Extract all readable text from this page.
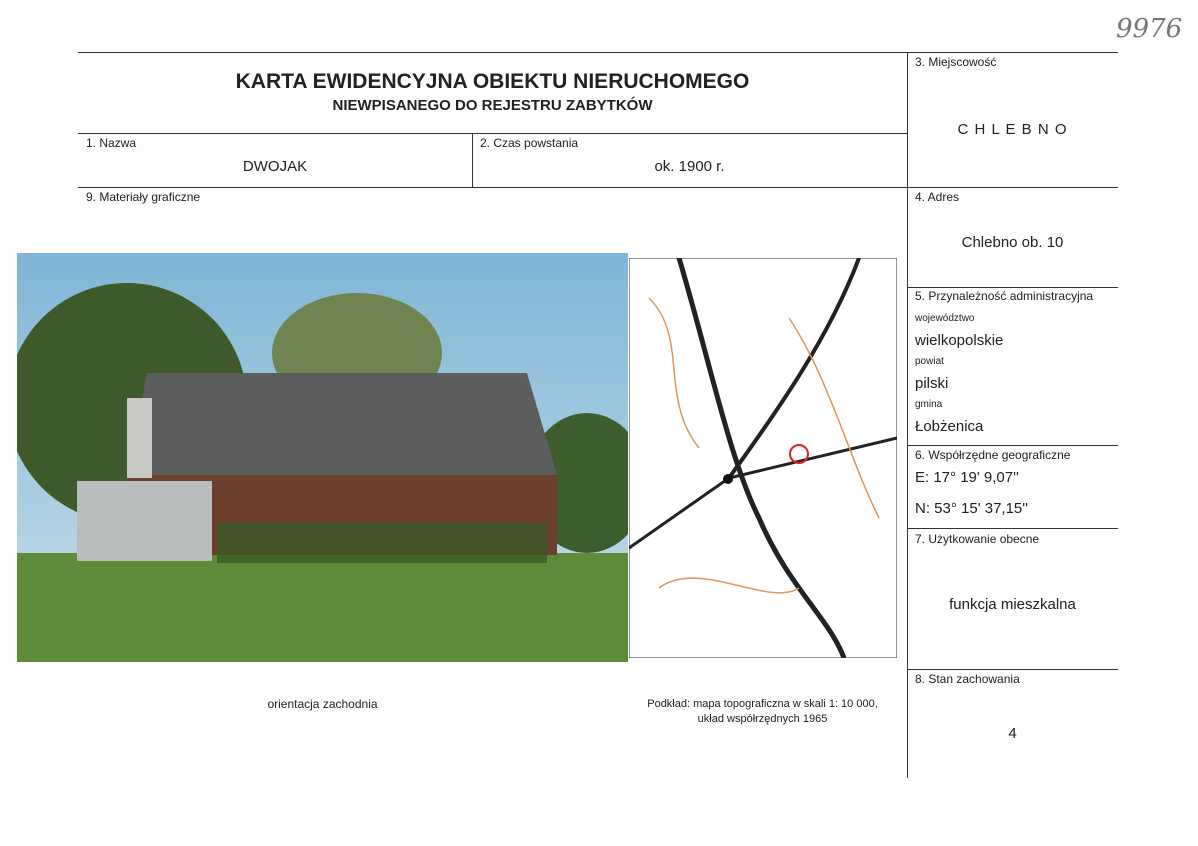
9976
KARTA EWIDENCYJNA OBIEKTU NIERUCHOMEGO
NIEWPISANEGO DO REJESTRU ZABYTKÓW
1. Nazwa
DWOJAK
2. Czas powstania
ok. 1900 r.
3. Miejscowość
C H L E B N O
4. Adres
Chlebno ob. 10
5. Przynależność administracyjna
województwo
wielkopolskie
powiat
pilski
gmina
Łobżenica
6. Współrzędne geograficzne
E: 17° 19' 9,07''
N: 53° 15' 37,15''
7. Użytkowanie obecne
funkcja mieszkalna
8. Stan zachowania
4
9. Materiały graficzne
orientacja zachodnia	Podkład: mapa topograficzna w skali 1: 10 000,
układ współrzędnych 1965
